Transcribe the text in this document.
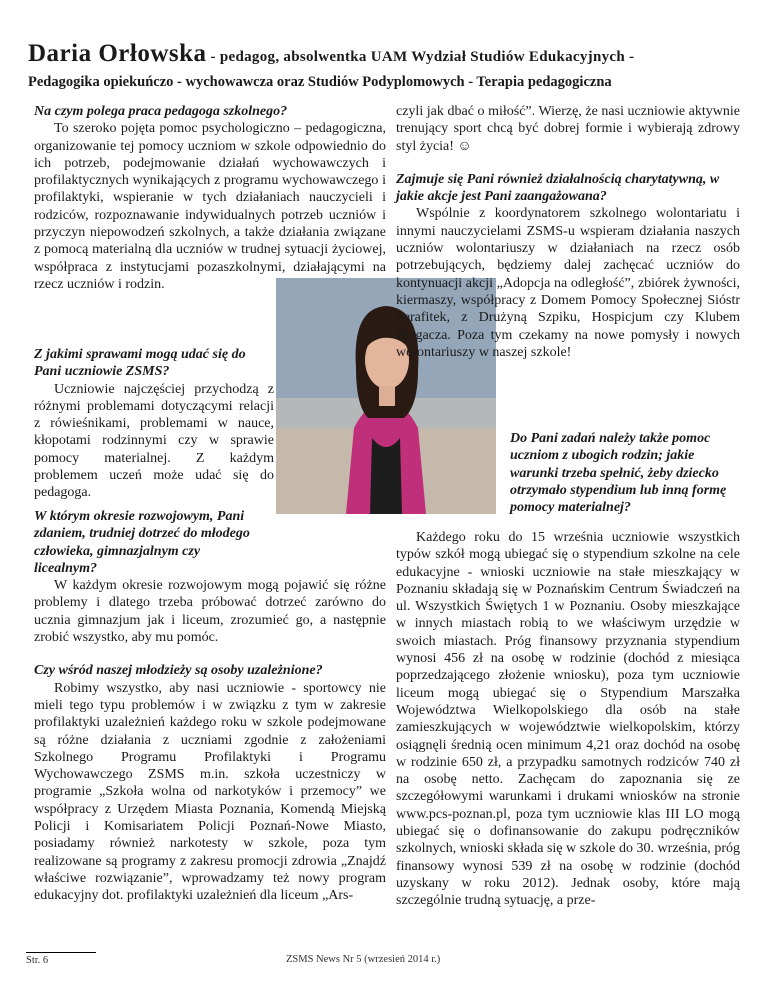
Daria Orłowska - pedagog, absolwentka UAM Wydział Studiów Edukacyjnych -
Pedagogika opiekuńczo - wychowawcza oraz Studiów Podyplomowych - Terapia pedagogiczna
Na czym polega praca pedagoga szkolnego?

To szeroko pojęta pomoc psychologiczno – pedagogiczna, organizowanie tej pomocy uczniom w szkole odpowiednio do ich potrzeb, podejmowanie działań wychowawczych i profilaktycznych wynikających z programu wychowawczego i profilaktyki, wspieranie w tych działaniach nauczycieli i rodziców, rozpoznawanie indywidualnych potrzeb uczniów i przyczyn niepowodzeń szkolnych, a także działania związane z pomocą materialną dla uczniów w trudnej sytuacji życiowej, współpraca z instytucjami pozaszkolnymi, działającymi na rzecz uczniów i rodzin.

Z jakimi sprawami mogą udać się do Pani uczniowie ZSMS?

Uczniowie najczęściej przychodzą z różnymi problemami dotyczącymi relacji z rówieśnikami, problemami w nauce, kłopotami rodzinnymi czy w sprawie pomocy materialnej. Z każdym problemem uczeń może udać się do pedagoga.

W którym okresie rozwojowym, Pani zdaniem, trudniej dotrzeć do młodego człowieka, gimnazjalnym czy licealnym?

W każdym okresie rozwojowym mogą pojawić się różne problemy i dlatego trzeba próbować dotrzeć zarówno do ucznia gimnazjum jak i liceum, zrozumieć go, a następnie zrobić wszystko, aby mu pomóc.

Czy wśród naszej młodzieży są osoby uzależnione?

Robimy wszystko, aby nasi uczniowie - sportowcy nie mieli tego typu problemów i w związku z tym w zakresie profilaktyki uzależnień każdego roku w szkole podejmowane są różne działania z uczniami zgodnie z założeniami Szkolnego Programu Profilaktyki i Programu Wychowawczego ZSMS m.in. szkoła uczestniczy w programie „Szkoła wolna od narkotyków i przemocy” we współpracy z Urzędem Miasta Poznania, Komendą Miejską Policji i Komisariatem Policji Poznań-Nowe Miasto, posiadamy również narkotesty w szkole, poza tym realizowane są programy z zakresu promocji zdrowia „Znajdź właściwe rozwiązanie”, wprowadzamy też nowy program edukacyjny dot. profilaktyki uzależnień dla liceum „Ars-

czyli jak dbać o miłość”. Wierzę, że nasi uczniowie aktywnie trenujący sport chcą być dobrej formie i wybierają zdrowy styl życia! ☺

Zajmuje się Pani również działalnością charytatywną, w jakie akcje jest Pani zaangażowana?

Wspólnie z koordynatorem szkolnego wolontariatu i innymi nauczycielami ZSMS-u wspieram działania naszych uczniów wolontariuszy w działaniach na rzecz osób potrzebujących, będziemy dalej zachęcać uczniów do kontynuacji akcji „Adopcja na odległość”, zbiórek żywności, kiermaszy, współpracy z Domem Pomocy Społecznej Sióstr Serafitek, z Drużyną Szpiku, Hospicjum czy Klubem Biegacza. Poza tym czekamy na nowe pomysły i nowych wolontariuszy w naszej szkole!

Każdego roku do 15 września uczniowie wszystkich typów szkół mogą ubiegać się o stypendium szkolne na cele edukacyjne - wnioski uczniowie na stałe mieszkający w Poznaniu składają się w Poznańskim Centrum Świadczeń na ul. Wszystkich Świętych 1 w Poznaniu. Osoby mieszkające w innych miastach robią to we właściwym urzędzie w swoich miastach. Próg finansowy przyznania stypendium wynosi 456 zł na osobę w rodzinie (dochód z miesiąca poprzedzającego złożenie wniosku), poza tym uczniowie liceum mogą ubiegać się o Stypendium Marszałka Województwa Wielkopolskiego dla osób na stałe zamieszkujących w województwie wielkopolskim, którzy osiągnęli średnią ocen minimum 4,21 oraz dochód na osobę w rodzinie 650 zł, a przypadku samotnych rodziców 740 zł na osobę netto. Zachęcam do zapoznania się ze szczegółowymi warunkami i drukami wniosków na stronie www.pcs-poznan.pl, poza tym uczniowie klas III LO mogą ubiegać się o dofinansowanie do zakupu podręczników szkolnych, wnioski składa się w szkole do 30. września, próg finansowy wynosi 539 zł na osobę w rodzinie (dochód uzyskany w roku 2012). Jednak osoby, które mają szczególnie trudną sytuację, a prze-

Do Pani zadań należy także pomoc uczniom z ubogich rodzin; jakie warunki trzeba spełnić, żeby dziecko otrzymało stypendium lub inną formę pomocy materialnej?
Str. 6	ZSMS News Nr 5 (wrzesień 2014 r.)
